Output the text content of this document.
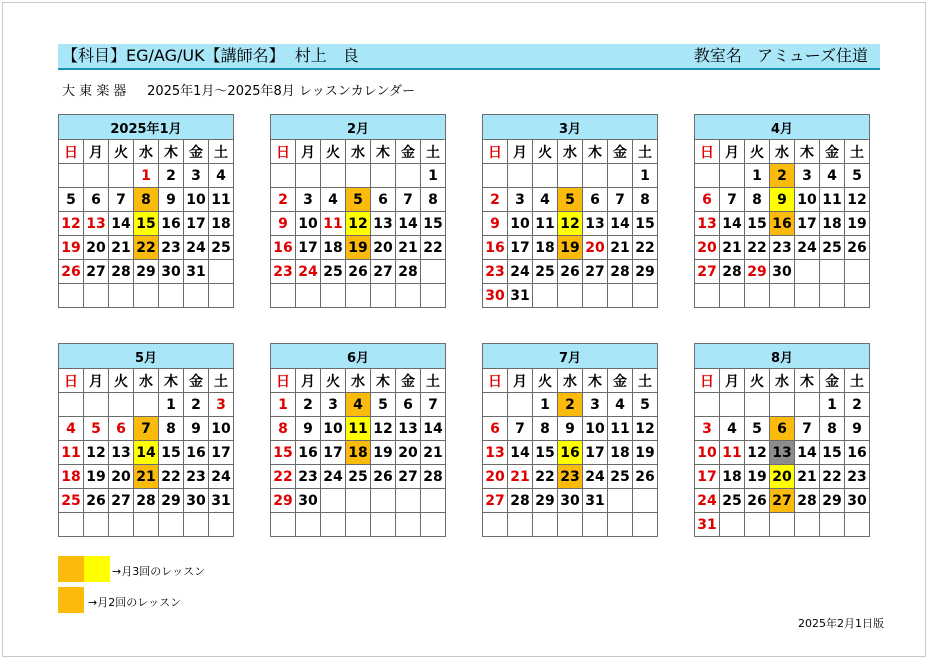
【科目】EG/AG/UK【講師名】 村上　良	教室名 アミューズ住道
大 東 楽 器 2025年1月～2025年8月 レッスンカレンダー
2025年1月						
日	月	火	水	木	金	土
			1	2	3	4
5	6	7	8	9	10	11
12	13	14	15	16	17	18
19	20	21	22	23	24	25
26	27	28	29	30	31	

2月						
日	月	火	水	木	金	土
						1
2	3	4	5	6	7	8
9	10	11	12	13	14	15
16	17	18	19	20	21	22
23	24	25	26	27	28	

3月						
日	月	火	水	木	金	土
						1
2	3	4	5	6	7	8
9	10	11	12	13	14	15
16	17	18	19	20	21	22
23	24	25	26	27	28	29
30	31					
4月						
日	月	火	水	木	金	土
		1	2	3	4	5
6	7	8	9	10	11	12
13	14	15	16	17	18	19
20	21	22	23	24	25	26
27	28	29	30			

5月						
日	月	火	水	木	金	土
				1	2	3
4	5	6	7	8	9	10
11	12	13	14	15	16	17
18	19	20	21	22	23	24
25	26	27	28	29	30	31

6月						
日	月	火	水	木	金	土
1	2	3	4	5	6	7
8	9	10	11	12	13	14
15	16	17	18	19	20	21
22	23	24	25	26	27	28
29	30					

7月						
日	月	火	水	木	金	土
		1	2	3	4	5
6	7	8	9	10	11	12
13	14	15	16	17	18	19
20	21	22	23	24	25	26
27	28	29	30	31		

8月						
日	月	火	水	木	金	土
					1	2
3	4	5	6	7	8	9
10	11	12	13	14	15	16
17	18	19	20	21	22	23
24	25	26	27	28	29	30
31						
→月3回のレッスン
→月2回のレッスン
2025年2月1日版
